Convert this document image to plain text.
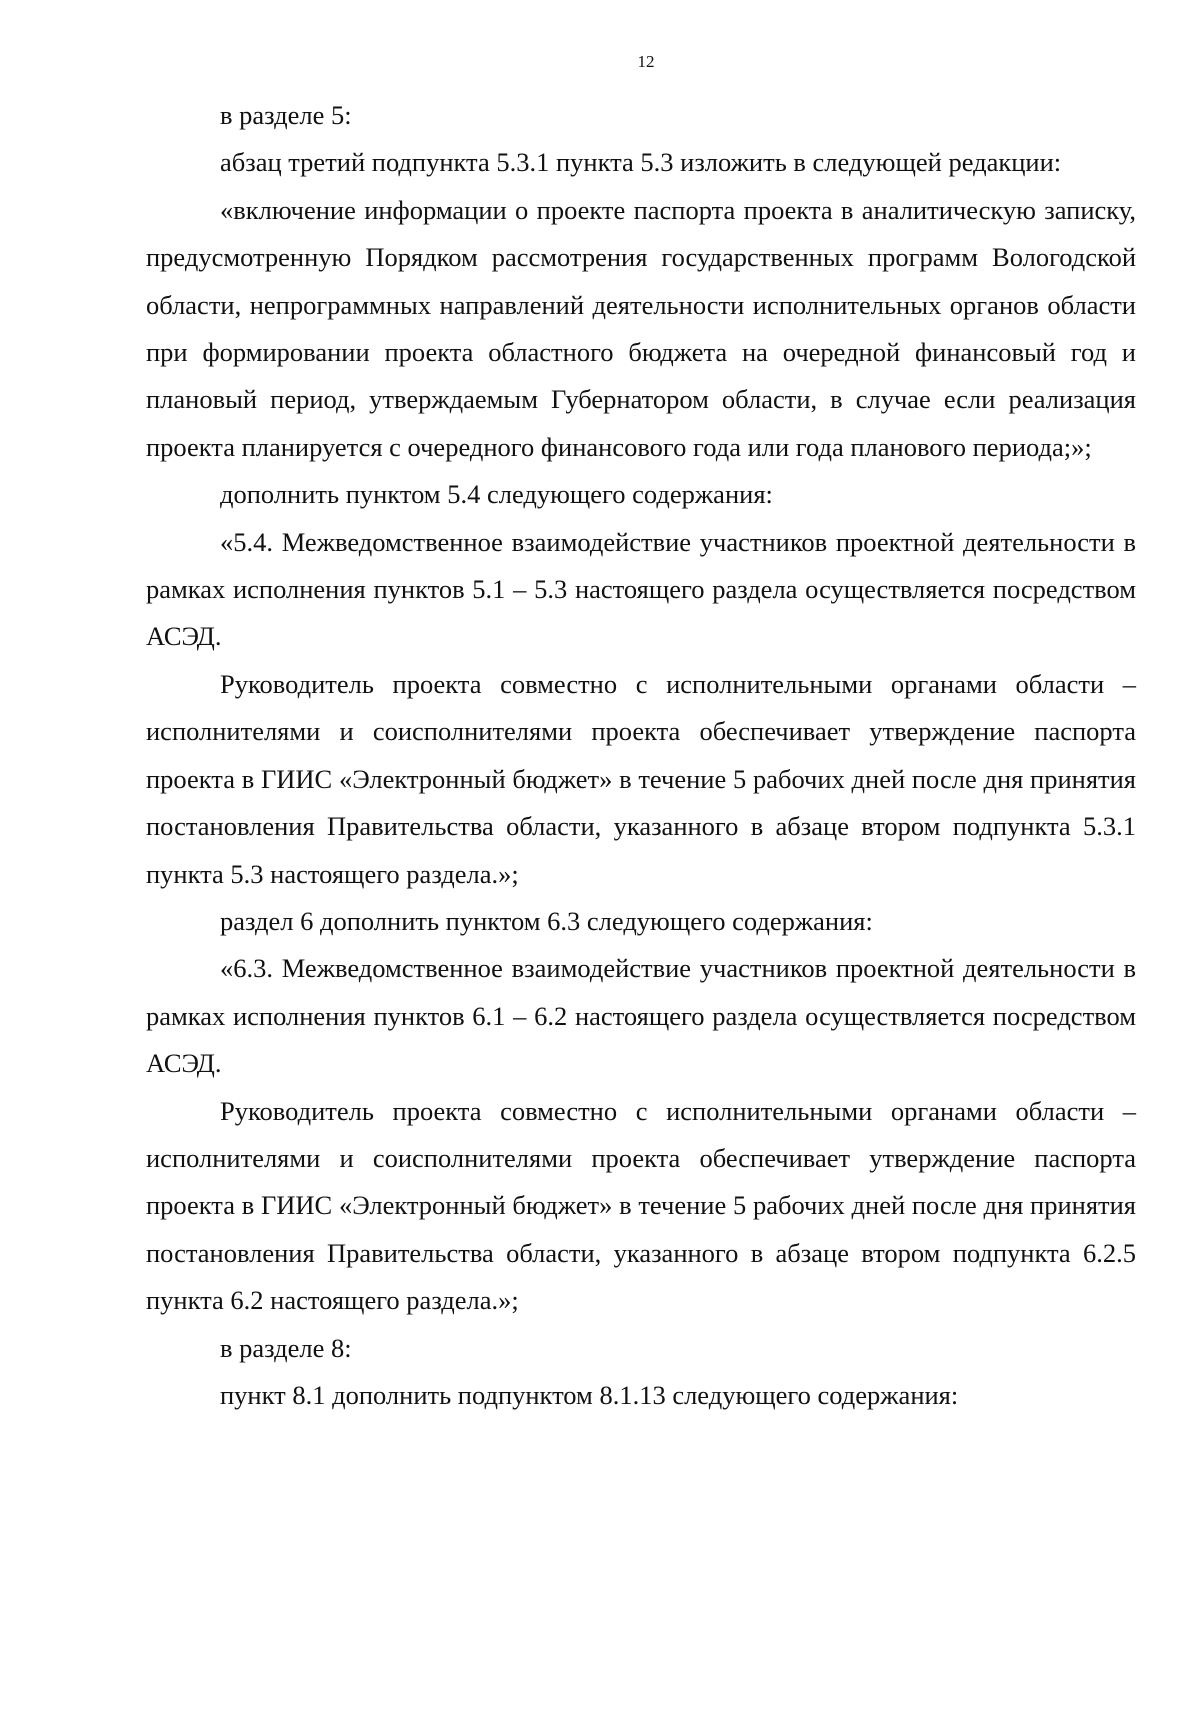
12

в разделе 5:

абзац третий подпункта 5.3.1 пункта 5.3 изложить в следующей редакции:

«включение информации о проекте паспорта проекта в аналитическую записку, предусмотренную Порядком рассмотрения государственных программ Вологодской области, непрограммных направлений деятельности исполнительных органов области при формировании проекта областного бюджета на очередной финансовый год и плановый период, утверждаемым Губернатором области, в случае если реализация проекта планируется с очередного финансового года или года планового периода;»;

дополнить пунктом 5.4 следующего содержания:

«5.4. Межведомственное взаимодействие участников проектной деятельности в рамках исполнения пунктов 5.1 – 5.3 настоящего раздела осуществляется посредством АСЭД.

Руководитель проекта совместно с исполнительными органами области – исполнителями и соисполнителями проекта обеспечивает утверждение паспорта проекта в ГИИС «Электронный бюджет» в течение 5 рабочих дней после дня принятия постановления Правительства области, указанного в абзаце втором подпункта 5.3.1 пункта 5.3 настоящего раздела.»;

раздел 6 дополнить пунктом 6.3 следующего содержания:

«6.3. Межведомственное взаимодействие участников проектной деятельности в рамках исполнения пунктов 6.1 – 6.2 настоящего раздела осуществляется посредством АСЭД.

Руководитель проекта совместно с исполнительными органами области – исполнителями и соисполнителями проекта обеспечивает утверждение паспорта проекта в ГИИС «Электронный бюджет» в течение 5 рабочих дней после дня принятия постановления Правительства области, указанного в абзаце втором подпункта 6.2.5 пункта 6.2 настоящего раздела.»;

в разделе 8:

пункт 8.1 дополнить подпунктом 8.1.13 следующего содержания:
